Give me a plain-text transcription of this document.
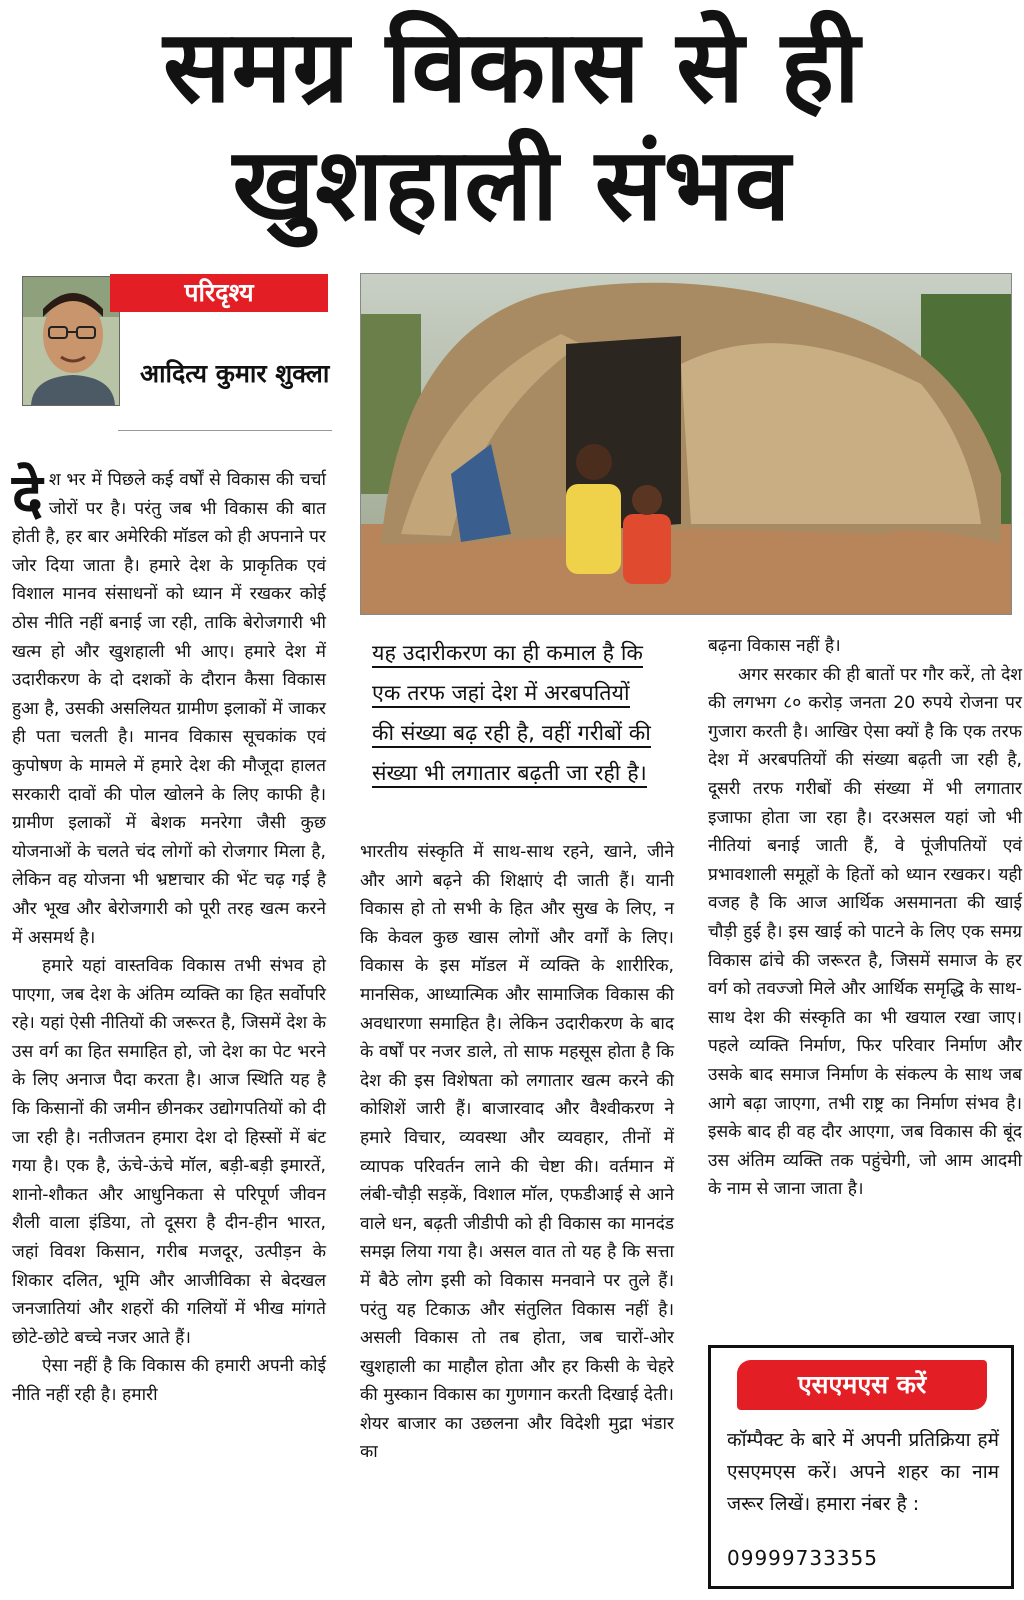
समग्र विकास से ही
खुशहाली संभव
परिदृश्य
आदित्य कुमार शुक्ला

देश भर में पिछले कई वर्षों से विकास की चर्चा जोरों पर है। परंतु जब भी विकास की बात होती है, हर बार अमेरिकी मॉडल को ही अपनाने पर जोर दिया जाता है। हमारे देश के प्राकृतिक एवं विशाल मानव संसाधनों को ध्यान में रखकर कोई ठोस नीति नहीं बनाई जा रही, ताकि बेरोजगारी भी खत्म हो और खुशहाली भी आए। हमारे देश में उदारीकरण के दो दशकों के दौरान कैसा विकास हुआ है, उसकी असलियत ग्रामीण इलाकों में जाकर ही पता चलती है। मानव विकास सूचकांक एवं कुपोषण के मामले में हमारे देश की मौजूदा हालत सरकारी दावों की पोल खोलने के लिए काफी है। ग्रामीण इलाकों में बेशक मनरेगा जैसी कुछ योजनाओं के चलते चंद लोगों को रोजगार मिला है, लेकिन वह योजना भी भ्रष्टाचार की भेंट चढ़ गई है और भूख और बेरोजगारी को पूरी तरह खत्म करने में असमर्थ है।

हमारे यहां वास्तविक विकास तभी संभव हो पाएगा, जब देश के अंतिम व्यक्ति का हित सर्वोपरि रहे। यहां ऐसी नीतियों की जरूरत है, जिसमें देश के उस वर्ग का हित समाहित हो, जो देश का पेट भरने के लिए अनाज पैदा करता है। आज स्थिति यह है कि किसानों की जमीन छीनकर उद्योगपतियों को दी जा रही है। नतीजतन हमारा देश दो हिस्सों में बंट गया है। एक है, ऊंचे-ऊंचे मॉल, बड़ी-बड़ी इमारतें, शानो-शौकत और आधुनिकता से परिपूर्ण जीवन शैली वाला इंडिया, तो दूसरा है दीन-हीन भारत, जहां विवश किसान, गरीब मजदूर, उत्पीड़न के शिकार दलित, भूमि और आजीविका से बेदखल जनजातियां और शहरों की गलियों में भीख मांगते छोटे-छोटे बच्चे नजर आते हैं।

ऐसा नहीं है कि विकास की हमारी अपनी कोई नीति नहीं रही है। हमारी

यह उदारीकरण का ही कमाल है कि एक तरफ जहां देश में अरबपतियों की संख्या बढ़ रही है, वहीं गरीबों की संख्या भी लगातार बढ़ती जा रही है।

भारतीय संस्कृति में साथ-साथ रहने, खाने, जीने और आगे बढ़ने की शिक्षाएं दी जाती हैं। यानी विकास हो तो सभी के हित और सुख के लिए, न कि केवल कुछ खास लोगों और वर्गों के लिए। विकास के इस मॉडल में व्यक्ति के शारीरिक, मानसिक, आध्यात्मिक और सामाजिक विकास की अवधारणा समाहित है। लेकिन उदारीकरण के बाद के वर्षों पर नजर डाले, तो साफ महसूस होता है कि देश की इस विशेषता को लगातार खत्म करने की कोशिशें जारी हैं। बाजारवाद और वैश्वीकरण ने हमारे विचार, व्यवस्था और व्यवहार, तीनों में व्यापक परिवर्तन लाने की चेष्टा की। वर्तमान में लंबी-चौड़ी सड़कें, विशाल मॉल, एफडीआई से आने वाले धन, बढ़ती जीडीपी को ही विकास का मानदंड समझ लिया गया है। असल वात तो यह है कि सत्ता में बैठे लोग इसी को विकास मनवाने पर तुले हैं। परंतु यह टिकाऊ और संतुलित विकास नहीं है। असली विकास तो तब होता, जब चारों-ओर खुशहाली का माहौल होता और हर किसी के चेहरे की मुस्कान विकास का गुणगान करती दिखाई देती। शेयर बाजार का उछलना और विदेशी मुद्रा भंडार का

बढ़ना विकास नहीं है।

अगर सरकार की ही बातों पर गौर करें, तो देश की लगभग ८० करोड़ जनता 20 रुपये रोजना पर गुजारा करती है। आखिर ऐसा क्यों है कि एक तरफ देश में अरबपतियों की संख्या बढ़ती जा रही है, दूसरी तरफ गरीबों की संख्या में भी लगातार इजाफा होता जा रहा है। दरअसल यहां जो भी नीतियां बनाई जाती हैं, वे पूंजीपतियों एवं प्रभावशाली समूहों के हितों को ध्यान रखकर। यही वजह है कि आज आर्थिक असमानता की खाई चौड़ी हुई है। इस खाई को पाटने के लिए एक समग्र विकास ढांचे की जरूरत है, जिसमें समाज के हर वर्ग को तवज्जो मिले और आर्थिक समृद्धि के साथ-साथ देश की संस्कृति का भी खयाल रखा जाए। पहले व्यक्ति निर्माण, फिर परिवार निर्माण और उसके बाद समाज निर्माण के संकल्प के साथ जब आगे बढ़ा जाएगा, तभी राष्ट्र का निर्माण संभव है। इसके बाद ही वह दौर आएगा, जब विकास की बूंद उस अंतिम व्यक्ति तक पहुंचेगी, जो आम आदमी के नाम से जाना जाता है।

एसएमएस करें
कॉम्पैक्ट के बारे में अपनी प्रतिक्रिया हमें एसएमएस करें। अपने शहर का नाम जरूर लिखें। हमारा नंबर है :
09999733355
